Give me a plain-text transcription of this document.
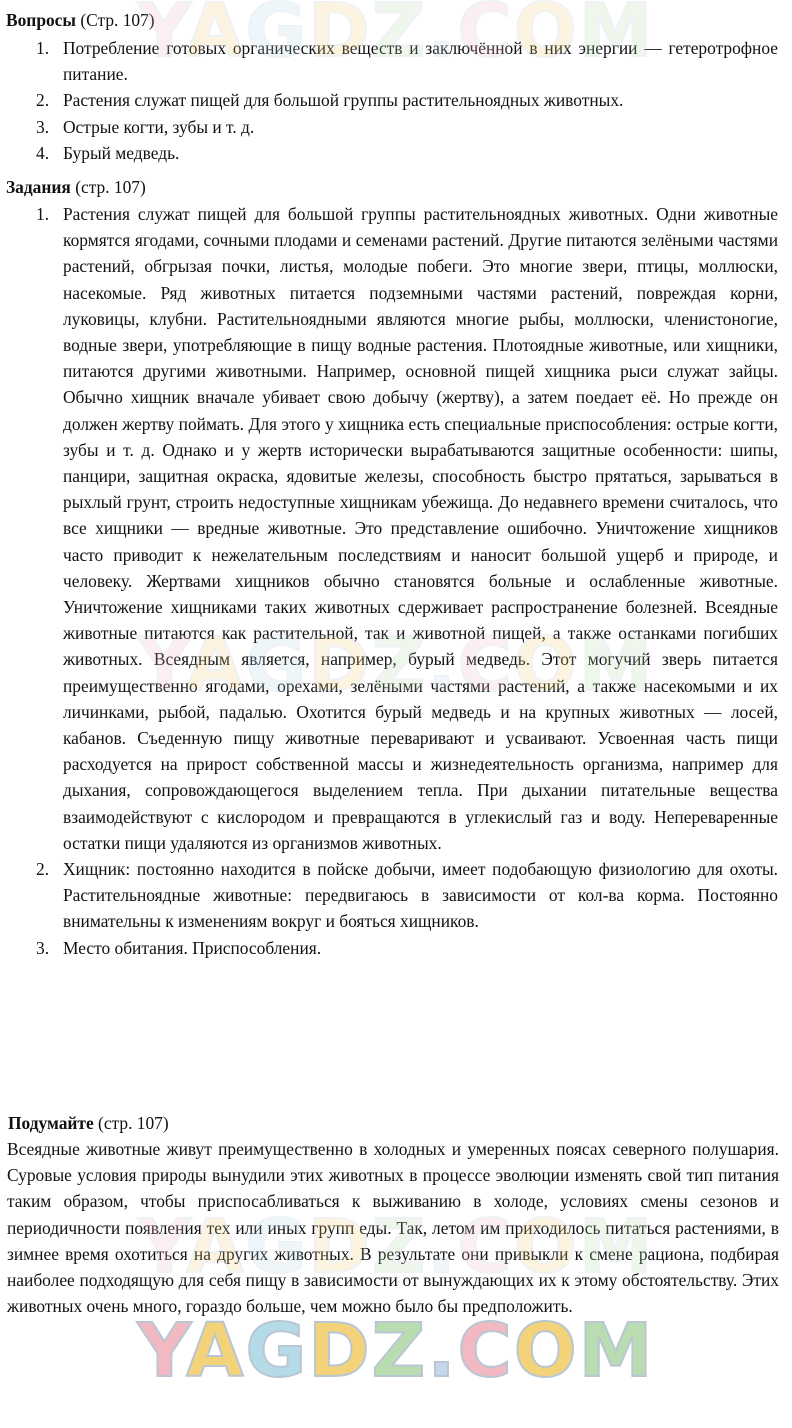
Вопросы (Стр. 107)
1. Потребление готовых органических веществ и заключённой в них энергии — гетеротрофное питание.
2. Растения служат пищей для большой группы растительноядных животных.
3. Острые когти, зубы и т. д.
4. Бурый медведь.
Задания (стр. 107)
1. Растения служат пищей для большой группы растительноядных животных. Одни животные кормятся ягодами, сочными плодами и семенами растений. Другие питаются зелёными частями растений, обгрызая почки, листья, молодые побеги. Это многие звери, птицы, моллюски, насекомые. Ряд животных питается подземными частями растений, повреждая корни, луковицы, клубни. Растительноядными являются многие рыбы, моллюски, членистоногие, водные звери, употребляющие в пищу водные растения. Плотоядные животные, или хищники, питаются другими животными. Например, основной пищей хищника рыси служат зайцы. Обычно хищник вначале убивает свою добычу (жертву), а затем поедает её. Но прежде он должен жертву поймать. Для этого у хищника есть специальные приспособления: острые когти, зубы и т. д. Однако и у жертв исторически вырабатываются защитные особенности: шипы, панцири, защитная окраска, ядовитые железы, способность быстро прятаться, зарываться в рыхлый грунт, строить недоступные хищникам убежища. До недавнего времени считалось, что все хищники — вредные животные. Это представление ошибочно. Уничтожение хищников часто приводит к нежелательным последствиям и наносит большой ущерб и природе, и человеку. Жертвами хищников обычно становятся больные и ослабленные животные. Уничтожение хищниками таких животных сдерживает распространение болезней. Всеядные животные питаются как растительной, так и животной пищей, а также останками погибших животных. Всеядным является, например, бурый медведь. Этот могучий зверь питается преимущественно ягодами, орехами, зелёными частями растений, а также насекомыми и их личинками, рыбой, падалью. Охотится бурый медведь и на крупных животных — лосей, кабанов. Съеденную пищу животные переваривают и усваивают. Усвоенная часть пищи расходуется на прирост собственной массы и жизнедеятельность организма, например для дыхания, сопровождающегося выделением тепла. При дыхании питательные вещества взаимодействуют с кислородом и превращаются в углекислый газ и воду. Непереваренные остатки пищи удаляются из организмов животных.
2. Хищник: постоянно находится в пойске добычи, имеет подобающую физиологию для охоты. Растительноядные животные: передвигаюсь в зависимости от кол-ва корма. Постоянно внимательны к изменениям вокруг и бояться хищников.
3. Место обитания. Приспособления.
Подумайте (стр. 107)

Всеядные животные живут преимущественно в холодных и умеренных поясах северного полушария. Суровые условия природы вынудили этих животных в процессе эволюции изменять свой тип питания таким образом, чтобы приспосабливаться к выживанию в холоде, условиях смены сезонов и периодичности появления тех или иных групп еды. Так, летом им приходилось питаться растениями, в зимнее время охотиться на других животных. В результате они привыкли к смене рациона, подбирая наиболее подходящую для себя пищу в зависимости от вынуждающих их к этому обстоятельству. Этих животных очень много, гораздо больше, чем можно было бы предположить.

YAGDZ.COM
YAGDZ.COM
YAGDZ.COM
YAGDZ.COM
